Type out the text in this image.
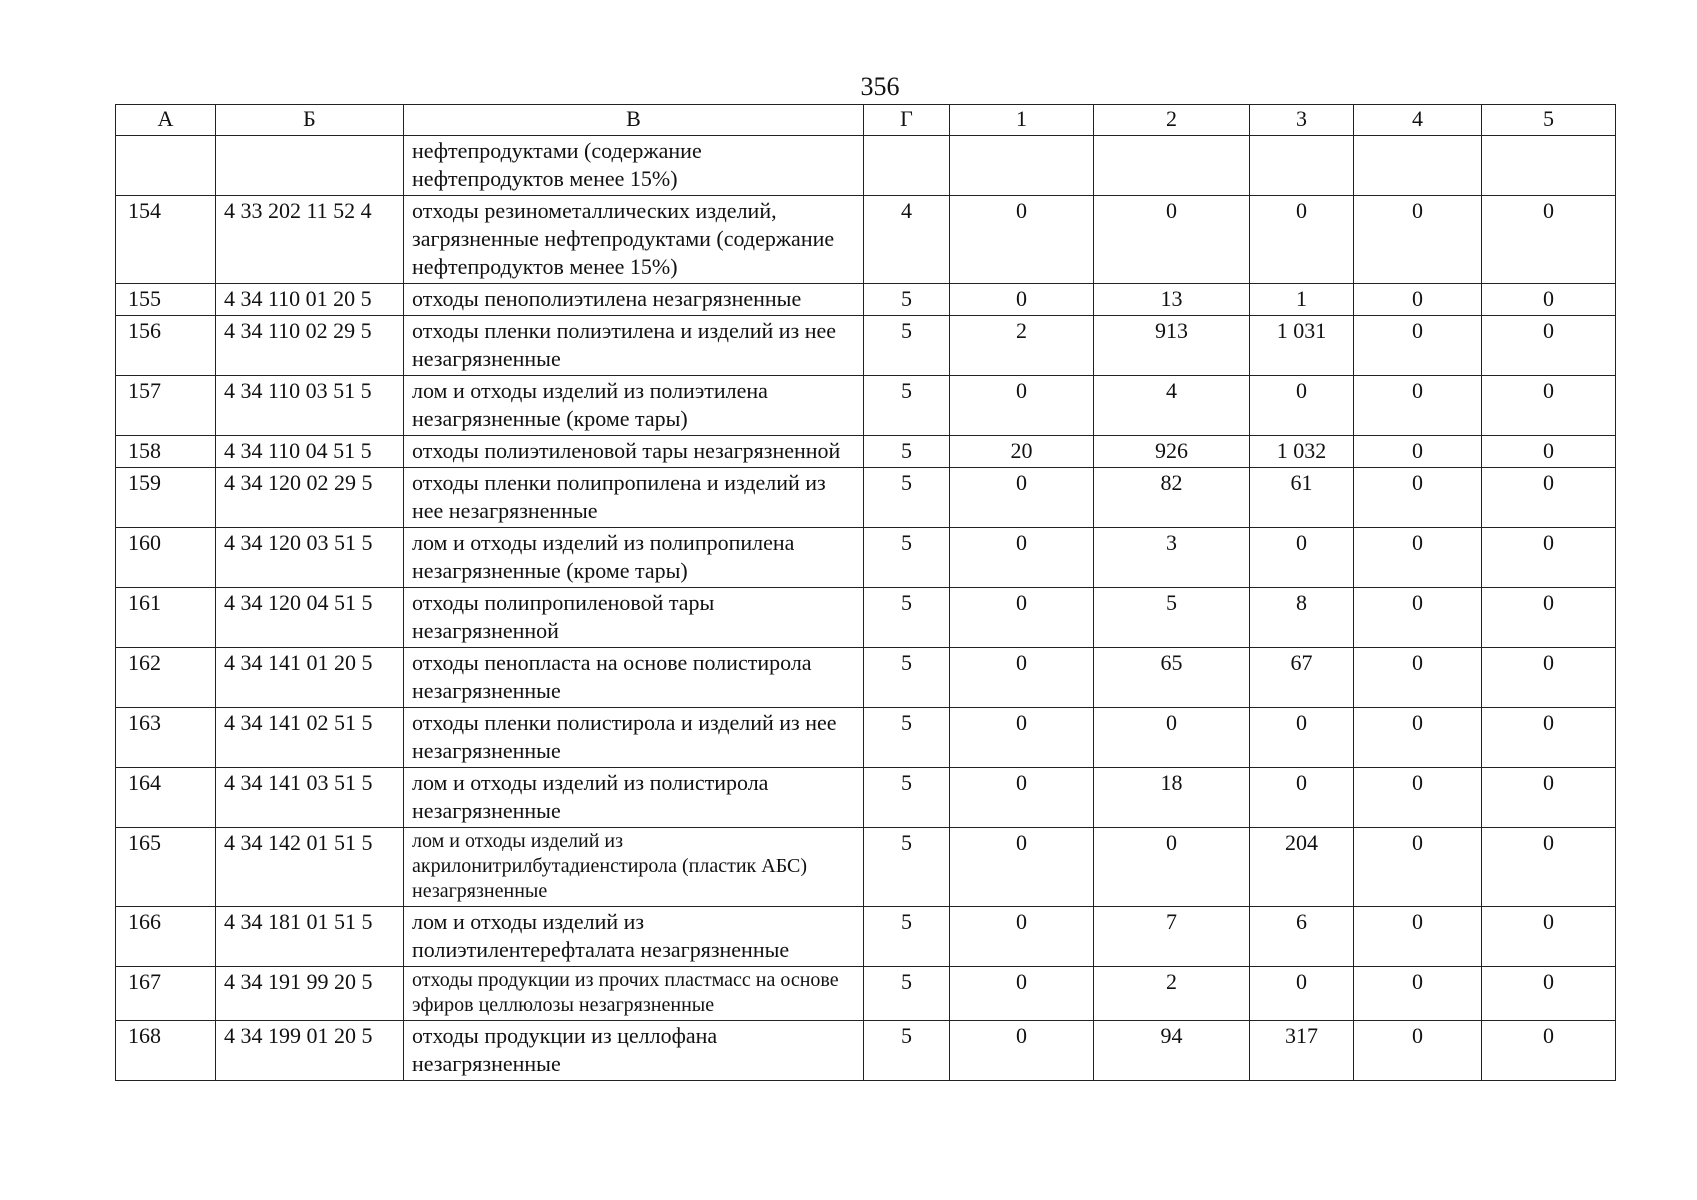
356
А	Б	В	Г	1	2	3	4	5
		нефтепродуктами (содержание нефтепродуктов менее 15%)						
154	4 33 202 11 52 4	отходы резинометаллических изделий, загрязненные нефтепродуктами (содержание нефтепродуктов менее 15%)	4	0	0	0	0	0
155	4 34 110 01 20 5	отходы пенополиэтилена незагрязненные	5	0	13	1	0	0
156	4 34 110 02 29 5	отходы пленки полиэтилена и изделий из нее незагрязненные	5	2	913	1 031	0	0
157	4 34 110 03 51 5	лом и отходы изделий из полиэтилена незагрязненные (кроме тары)	5	0	4	0	0	0
158	4 34 110 04 51 5	отходы полиэтиленовой тары незагрязненной	5	20	926	1 032	0	0
159	4 34 120 02 29 5	отходы пленки полипропилена и изделий из нее незагрязненные	5	0	82	61	0	0
160	4 34 120 03 51 5	лом и отходы изделий из полипропилена незагрязненные (кроме тары)	5	0	3	0	0	0
161	4 34 120 04 51 5	отходы полипропиленовой тары незагрязненной	5	0	5	8	0	0
162	4 34 141 01 20 5	отходы пенопласта на основе полистирола незагрязненные	5	0	65	67	0	0
163	4 34 141 02 51 5	отходы пленки полистирола и изделий из нее незагрязненные	5	0	0	0	0	0
164	4 34 141 03 51 5	лом и отходы изделий из полистирола незагрязненные	5	0	18	0	0	0
165	4 34 142 01 51 5	лом и отходы изделий из акрилонитрилбутадиенстирола (пластик АБС) незагрязненные	5	0	0	204	0	0
166	4 34 181 01 51 5	лом и отходы изделий из полиэтилентерефталата незагрязненные	5	0	7	6	0	0
167	4 34 191 99 20 5	отходы продукции из прочих пластмасс на основе эфиров целлюлозы незагрязненные	5	0	2	0	0	0
168	4 34 199 01 20 5	отходы продукции из целлофана незагрязненные	5	0	94	317	0	0
